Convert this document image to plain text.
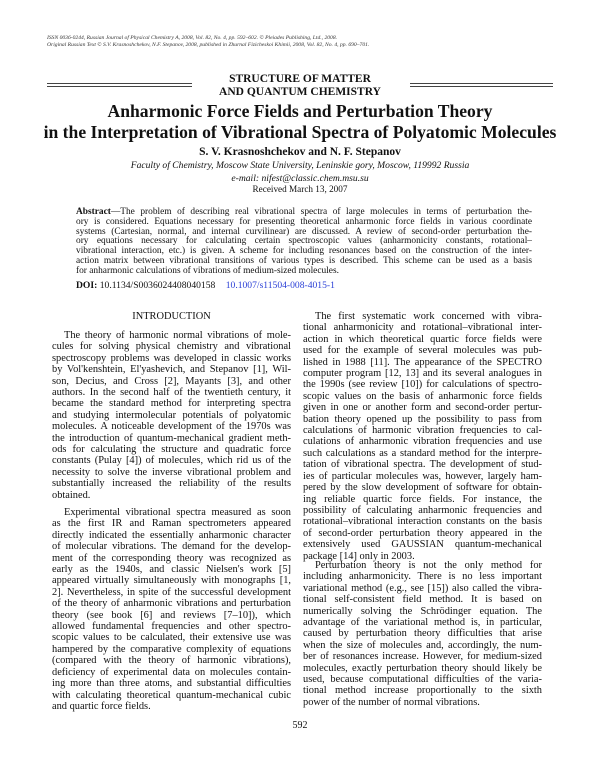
ISSN 0036-0244, Russian Journal of Physical Chemistry A, 2008, Vol. 82, No. 4, pp. 592–602. © Pleiades Publishing, Ltd., 2008.
Original Russian Text © S.V. Krasnoshchekov, N.F. Stepanov, 2008, published in Zhurnal Fizicheskoi Khimii, 2008, Vol. 82, No. 4, pp. 690–701.
STRUCTURE OF MATTER
AND QUANTUM CHEMISTRY
Anharmonic Force Fields and Perturbation Theory
in the Interpretation of Vibrational Spectra of Polyatomic Molecules
S. V. Krasnoshchekov and N. F. Stepanov
Faculty of Chemistry, Moscow State University, Leninskie gory, Moscow, 119992 Russia
e-mail: nifest@classic.chem.msu.su
Received March 13, 2007
Abstract—The problem of describing real vibrational spectra of large molecules in terms of perturbation the-
ory is considered. Equations necessary for presenting theoretical anharmonic force fields in various coordinate
systems (Cartesian, normal, and internal curvilinear) are discussed. A review of second-order perturbation the-
ory equations necessary for calculating certain spectroscopic values (anharmonicity constants, rotational–
vibrational interaction, etc.) is given. A scheme for including resonances based on the construction of the inter-
action matrix between vibrational transitions of various types is described. This scheme can be used as a basis
for anharmonic calculations of vibrations of medium-sized molecules.
DOI: 10.1134/S0036024408040158 10.1007/s11504-008-4015-1
INTRODUCTION
The theory of harmonic normal vibrations of mole-
cules for solving physical chemistry and vibrational
spectroscopy problems was developed in classic works
by Vol'kenshtein, El'yashevich, and Stepanov [1], Wil-
son, Decius, and Cross [2], Mayants [3], and other
authors. In the second half of the twentieth century, it
became the standard method for interpreting spectra
and studying intermolecular potentials of polyatomic
molecules. A noticeable development of the 1970s was
the introduction of quantum-mechanical gradient meth-
ods for calculating the structure and quadratic force
constants (Pulay [4]) of molecules, which rid us of the
necessity to solve the inverse vibrational problem and
substantially increased the reliability of the results
obtained.
Experimental vibrational spectra measured as soon
as the first IR and Raman spectrometers appeared
directly indicated the essentially anharmonic character
of molecular vibrations. The demand for the develop-
ment of the corresponding theory was recognized as
early as the 1940s, and classic Nielsen's work [5]
appeared virtually simultaneously with monographs [1,
2]. Nevertheless, in spite of the successful development
of the theory of anharmonic vibrations and perturbation
theory (see book [6] and reviews [7–10]), which
allowed fundamental frequencies and other spectro-
scopic values to be calculated, their extensive use was
hampered by the comparative complexity of equations
(compared with the theory of harmonic vibrations),
deficiency of experimental data on molecules contain-
ing more than three atoms, and substantial difficulties
with calculating theoretical quantum-mechanical cubic
and quartic force fields.
The first systematic work concerned with vibra-
tional anharmonicity and rotational–vibrational inter-
action in which theoretical quartic force fields were
used for the example of several molecules was pub-
lished in 1988 [11]. The appearance of the SPECTRO
computer program [12, 13] and its several analogues in
the 1990s (see review [10]) for calculations of spectro-
scopic values on the basis of anharmonic force fields
given in one or another form and second-order pertur-
bation theory opened up the possibility to pass from
calculations of harmonic vibration frequencies to cal-
culations of anharmonic vibration frequencies and use
such calculations as a standard method for the interpre-
tation of vibrational spectra. The development of stud-
ies of particular molecules was, however, largely ham-
pered by the slow development of software for obtain-
ing reliable quartic force fields. For instance, the
possibility of calculating anharmonic frequencies and
rotational–vibrational interaction constants on the basis
of second-order perturbation theory appeared in the
extensively used GAUSSIAN quantum-mechanical
package [14] only in 2003.
Perturbation theory is not the only method for
including anharmonicity. There is no less important
variational method (e.g., see [15]) also called the vibra-
tional self-consistent field method. It is based on
numerically solving the Schrödinger equation. The
advantage of the variational method is, in particular,
caused by perturbation theory difficulties that arise
when the size of molecules and, accordingly, the num-
ber of resonances increase. However, for medium-sized
molecules, exactly perturbation theory should likely be
used, because computational difficulties of the varia-
tional method increase proportionally to the sixth
power of the number of normal vibrations.
592
